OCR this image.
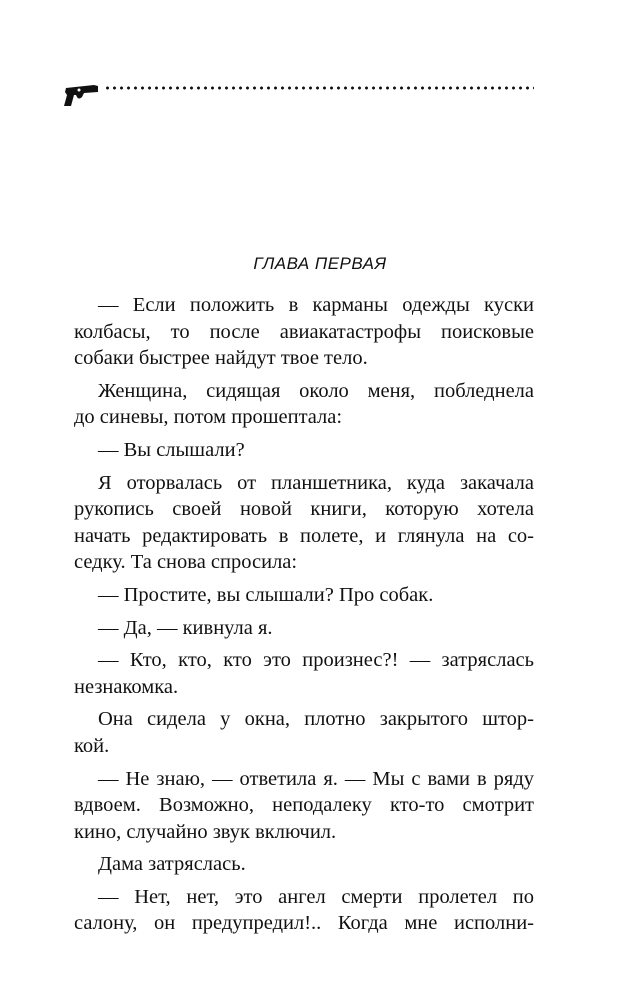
ГЛАВА ПЕРВАЯ
— Если положить в карманы одежды куски
колбасы, то после авиакатастрофы поисковые
собаки быстрее найдут твое тело.
Женщина, сидящая около меня, побледнела
до синевы, потом прошептала:
— Вы слышали?
Я оторвалась от планшетника, куда закачала
рукопись своей новой книги, которую хотела
начать редактировать в полете, и глянула на со-
седку. Та снова спросила:
— Простите, вы слышали? Про собак.
— Да, — кивнула я.
— Кто, кто, кто это произнес?! — затряслась
незнакомка.
Она сидела у окна, плотно закрытого штор-
кой.
— Не знаю, — ответила я. — Мы с вами в ряду
вдвоем. Возможно, неподалеку кто-то смотрит
кино, случайно звук включил.
Дама затряслась.
— Нет, нет, это ангел смерти пролетел по
салону, он предупредил!.. Когда мне исполни-
